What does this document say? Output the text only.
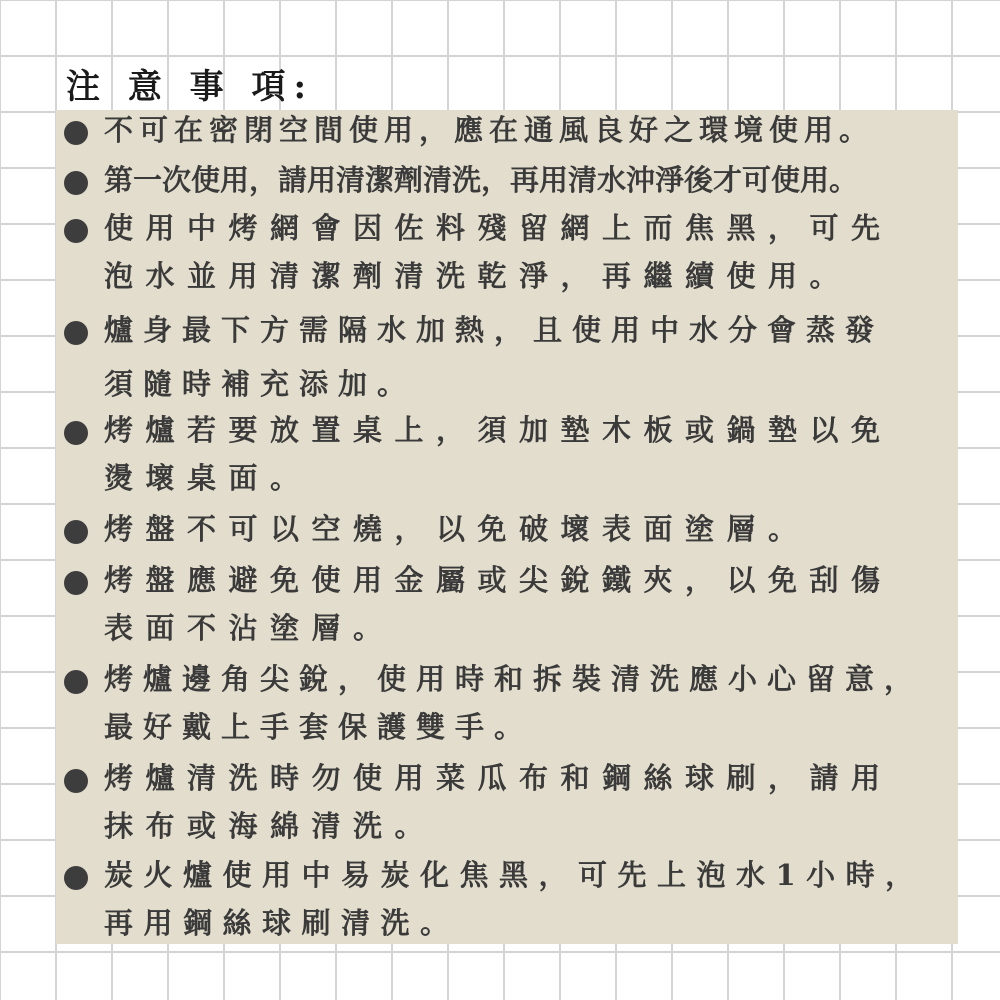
注 意 事 項:
不可在密閉空間使用，應在通風良好之環境使用。
第一次使用，請用清潔劑清洗，再用清水沖淨後才可使用。
使用中烤網會因佐料殘留網上而焦黑，可先
泡水並用清潔劑清洗乾淨，再繼續使用。
爐身最下方需隔水加熱，且使用中水分會蒸發
須隨時補充添加。
烤爐若要放置桌上，須加墊木板或鍋墊以免
燙壞桌面。
烤盤不可以空燒，以免破壞表面塗層。
烤盤應避免使用金屬或尖銳鐵夾，以免刮傷
表面不沾塗層。
烤爐邊角尖銳，使用時和拆裝清洗應小心留意，
最好戴上手套保護雙手。
烤爐清洗時勿使用菜瓜布和鋼絲球刷，請用
抹布或海綿清洗。
炭火爐使用中易炭化焦黑，可先上泡水1小時，
再用鋼絲球刷清洗。
